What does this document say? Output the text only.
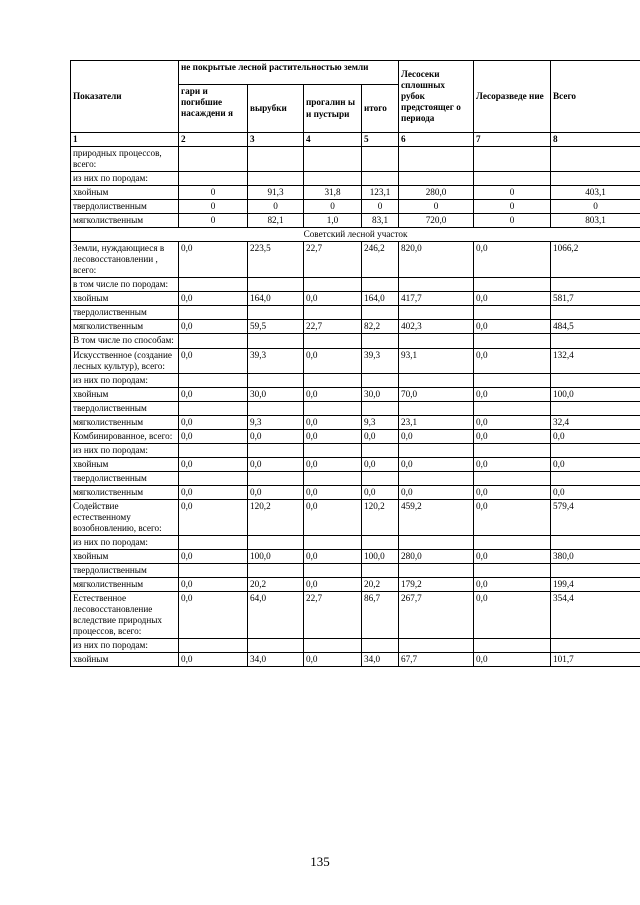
Показатели	не покрытые лесной растительностью земли				Лесосеки сплошных рубок предстоящег о периода	Лесоразведе ние	Всего
	гари и погибшие насаждени я	вырубки	прогалин ы и пустыри	итого			
1	2	3	4	5	6	7	8
природных процессов, всего:							
из них по породам:							
хвойным	0	91,3	31,8	123,1	280,0	0	403,1
твердолиственным	0	0	0	0	0	0	0
мягколиственным	0	82,1	1,0	83,1	720,0	0	803,1
Советский лесной участок							
Земли, нуждающиеся в лесовосстановлении , всего:	0,0	223,5	22,7	246,2	820,0	0,0	1066,2
в том числе по породам:							
хвойным	0,0	164,0	0,0	164,0	417,7	0,0	581,7
твердолиственным							
мягколиственным	0,0	59,5	22,7	82,2	402,3	0,0	484,5
В том числе по способам:							
Искусственное (создание лесных культур), всего:	0,0	39,3	0,0	39,3	93,1	0,0	132,4
из них по породам:							
хвойным	0,0	30,0	0,0	30,0	70,0	0,0	100,0
твердолиственным							
мягколиственным	0,0	9,3	0,0	9,3	23,1	0,0	32,4
Комбинированное, всего:	0,0	0,0	0,0	0,0	0,0	0,0	0,0
из них по породам:							
хвойным	0,0	0,0	0,0	0,0	0,0	0,0	0,0
твердолиственным							
мягколиственным	0,0	0,0	0,0	0,0	0,0	0,0	0,0
Содействие естественному возобновлению, всего:	0,0	120,2	0,0	120,2	459,2	0,0	579,4
из них по породам:							
хвойным	0,0	100,0	0,0	100,0	280,0	0,0	380,0
твердолиственным							
мягколиственным	0,0	20,2	0,0	20,2	179,2	0,0	199,4
Естественное лесовосстановление вследствие природных процессов, всего:	0,0	64,0	22,7	86,7	267,7	0,0	354,4
из них по породам:							
хвойным	0,0	34,0	0,0	34,0	67,7	0,0	101,7
135
